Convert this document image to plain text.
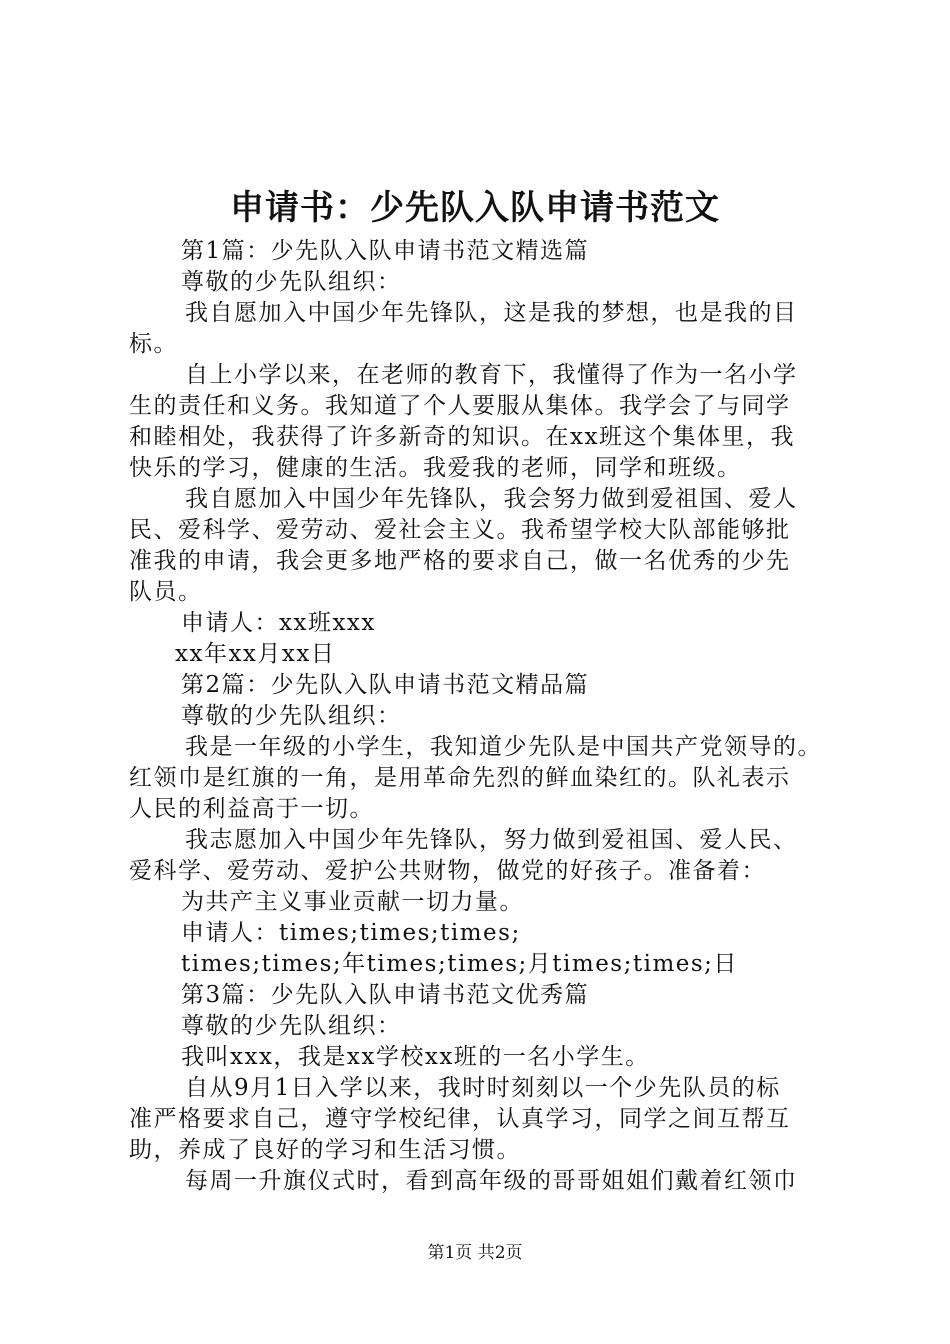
申请书：少先队入队申请书范文
第1篇：少先队入队申请书范文精选篇
尊敬的少先队组织：
我自愿加入中国少年先锋队，这是我的梦想，也是我的目
标。
自上小学以来，在老师的教育下，我懂得了作为一名小学
生的责任和义务。我知道了个人要服从集体。我学会了与同学
和睦相处，我获得了许多新奇的知识。在xx班这个集体里，我
快乐的学习，健康的生活。我爱我的老师，同学和班级。
我自愿加入中国少年先锋队，我会努力做到爱祖国、爱人
民、爱科学、爱劳动、爱社会主义。我希望学校大队部能够批
准我的申请，我会更多地严格的要求自己，做一名优秀的少先
队员。
申请人：xx班xxx
xx年xx月xx日
第2篇：少先队入队申请书范文精品篇
尊敬的少先队组织：
我是一年级的小学生，我知道少先队是中国共产党领导的。
红领巾是红旗的一角，是用革命先烈的鲜血染红的。队礼表示
人民的利益高于一切。
我志愿加入中国少年先锋队，努力做到爱祖国、爱人民、
爱科学、爱劳动、爱护公共财物，做党的好孩子。准备着：
为共产主义事业贡献一切力量。
申请人：times;times;times;
times;times;年times;times;月times;times;日
第3篇：少先队入队申请书范文优秀篇
尊敬的少先队组织：
我叫xxx，我是xx学校xx班的一名小学生。
自从9月1日入学以来，我时时刻刻以一个少先队员的标
准严格要求自己，遵守学校纪律，认真学习，同学之间互帮互
助，养成了良好的学习和生活习惯。
每周一升旗仪式时，看到高年级的哥哥姐姐们戴着红领巾
第1页 共2页
